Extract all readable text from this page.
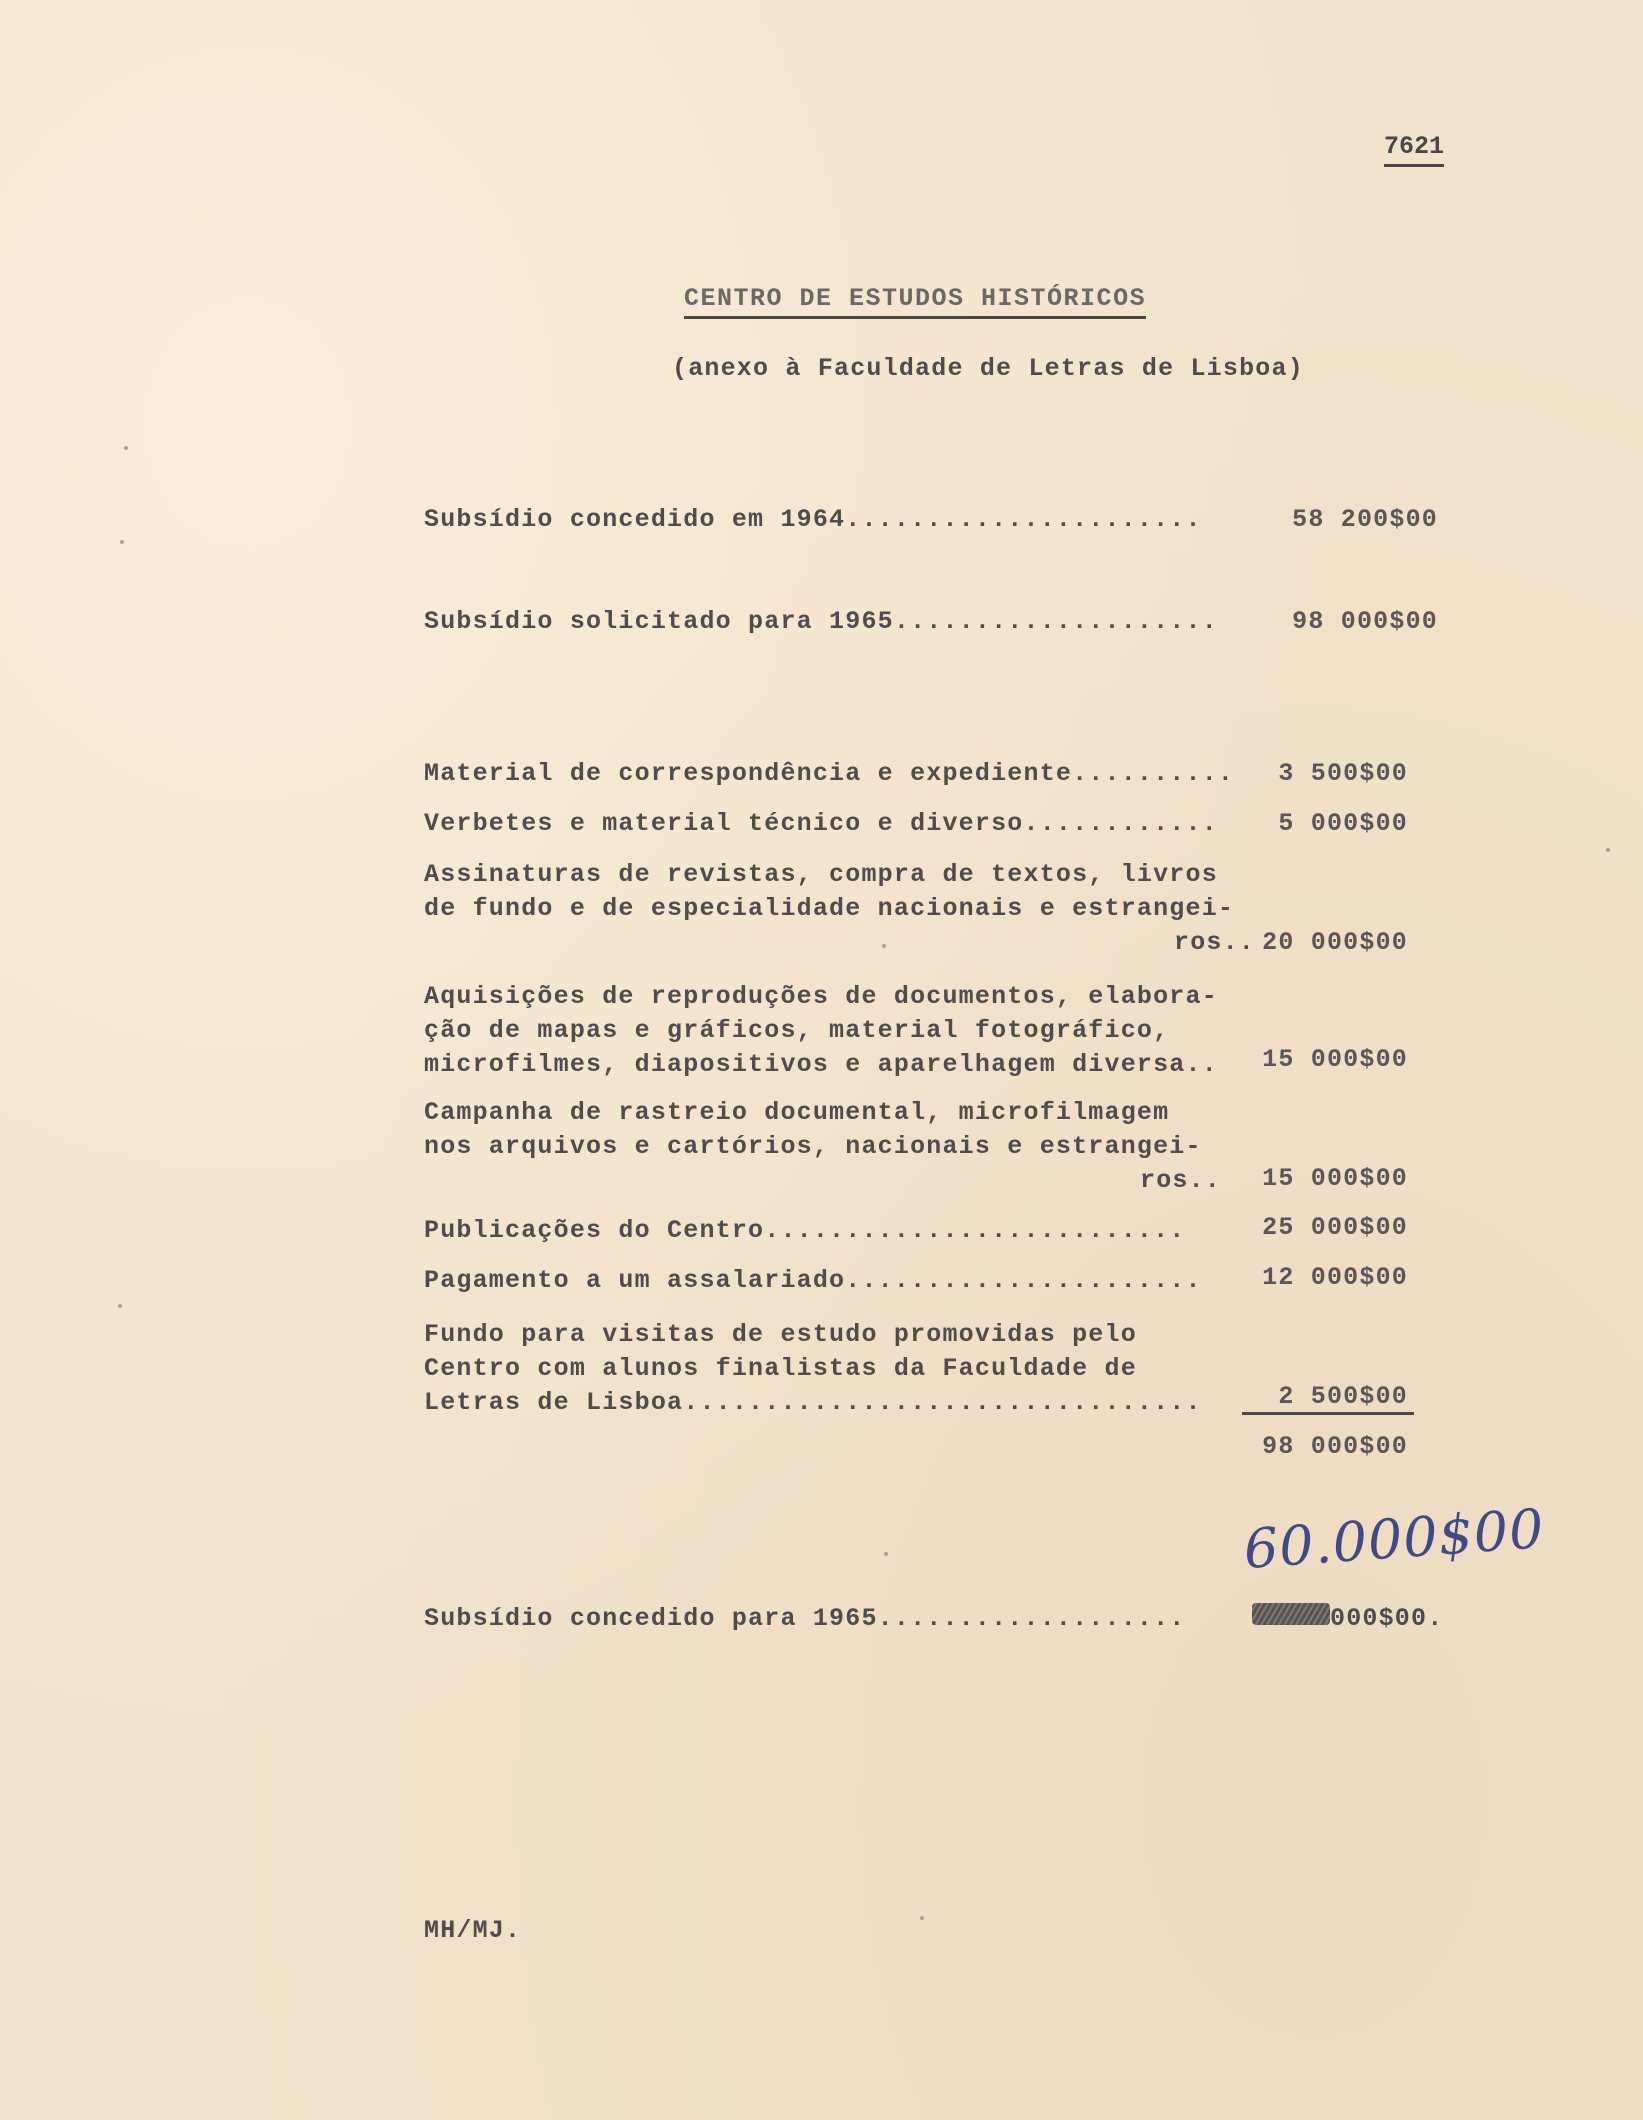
7621
CENTRO DE ESTUDOS HISTÓRICOS
(anexo à Faculdade de Letras de Lisboa)
Subsídio concedido em 1964......................	58 200$00
Subsídio solicitado para 1965....................	98 000$00
Material de correspondência e expediente..........	3 500$00
Verbetes e material técnico e diverso............	5 000$00
Assinaturas de revistas, compra de textos, livros
de fundo e de especialidade nacionais e estrangei-
ros.. 20 000$00
Aquisições de reproduções de documentos, elabora-
ção de mapas e gráficos, material fotográfico,
microfilmes, diapositivos e aparelhagem diversa..	15 000$00
Campanha de rastreio documental, microfilmagem
nos arquivos e cartórios, nacionais e estrangei-
ros..	15 000$00
Publicações do Centro..........................	25 000$00
Pagamento a um assalariado......................	12 000$00
Fundo para visitas de estudo promovidas pelo
Centro com alunos finalistas da Faculdade de
Letras de Lisboa................................	2 500$00
98 000$00
60.000$00
Subsídio concedido para 1965...................	000$00.
MH/MJ.
